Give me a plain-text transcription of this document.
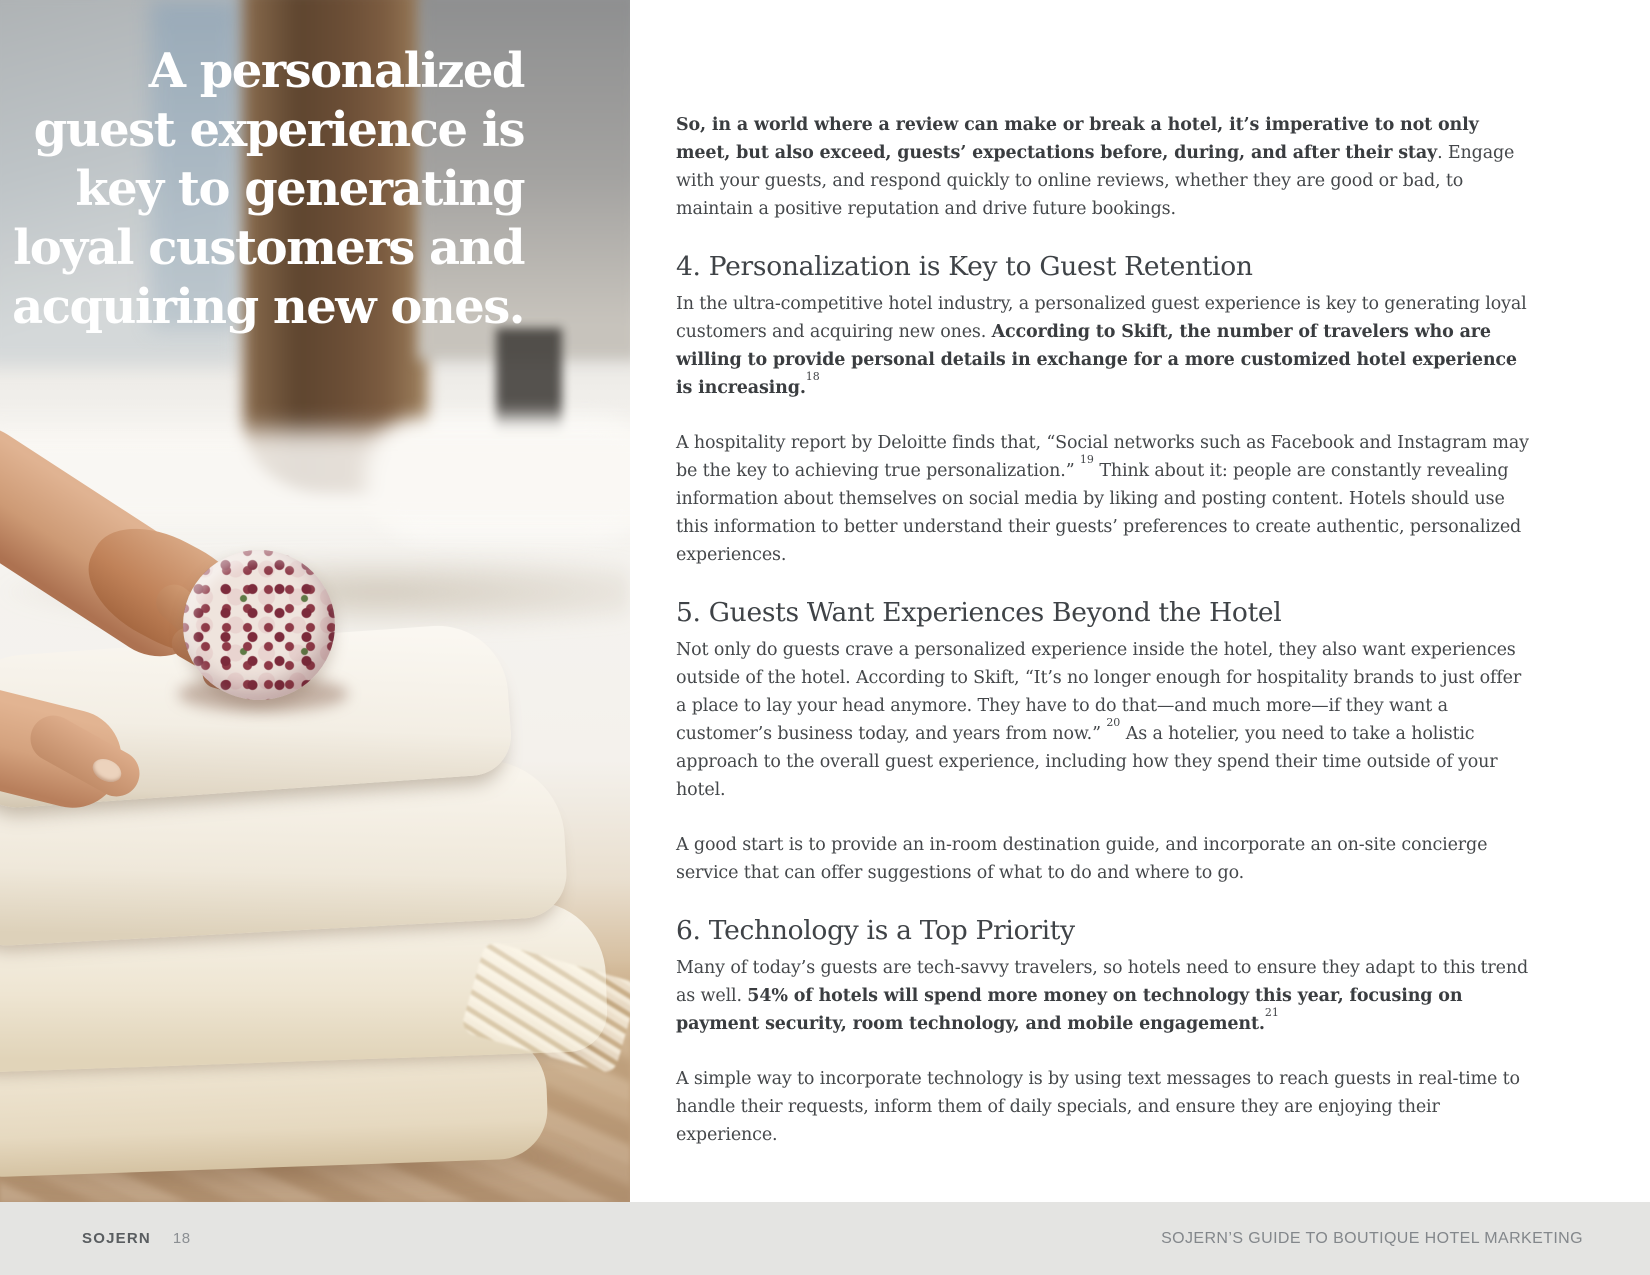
A personalized
guest experience is
key to generating
loyal customers and
acquiring new ones.

So, in a world where a review can make or break a hotel, it’s imperative to not only meet, but also exceed, guests’ expectations before, during, and after their stay. Engage with your guests, and respond quickly to online reviews, whether they are good or bad, to maintain a positive reputation and drive future bookings.

4. Personalization is Key to Guest Retention

In the ultra-competitive hotel industry, a personalized guest experience is key to generating loyal customers and acquiring new ones. According to Skift, the number of travelers who are willing to provide personal details in exchange for a more customized hotel experience is increasing.$^{18}$

A hospitality report by Deloitte finds that, “Social networks such as Facebook and Instagram may be the key to achieving true personalization.” $^{19}$ Think about it: people are constantly revealing information about themselves on social media by liking and posting content. Hotels should use this information to better understand their guests’ preferences to create authentic, personalized experiences.

5. Guests Want Experiences Beyond the Hotel

Not only do guests crave a personalized experience inside the hotel, they also want experiences outside of the hotel. According to Skift, “It’s no longer enough for hospitality brands to just offer a place to lay your head anymore. They have to do that—and much more—if they want a customer’s business today, and years from now.” $^{20}$ As a hotelier, you need to take a holistic approach to the overall guest experience, including how they spend their time outside of your hotel.

A good start is to provide an in-room destination guide, and incorporate an on-site concierge service that can offer suggestions of what to do and where to go.

6. Technology is a Top Priority

Many of today’s guests are tech-savvy travelers, so hotels need to ensure they adapt to this trend as well. 54% of hotels will spend more money on technology this year, focusing on payment security, room technology, and mobile engagement.$^{21}$

A simple way to incorporate technology is by using text messages to reach guests in real-time to handle their requests, inform them of daily specials, and ensure they are enjoying their experience.

SOJERN 18	SOJERN’S GUIDE TO BOUTIQUE HOTEL MARKETING
